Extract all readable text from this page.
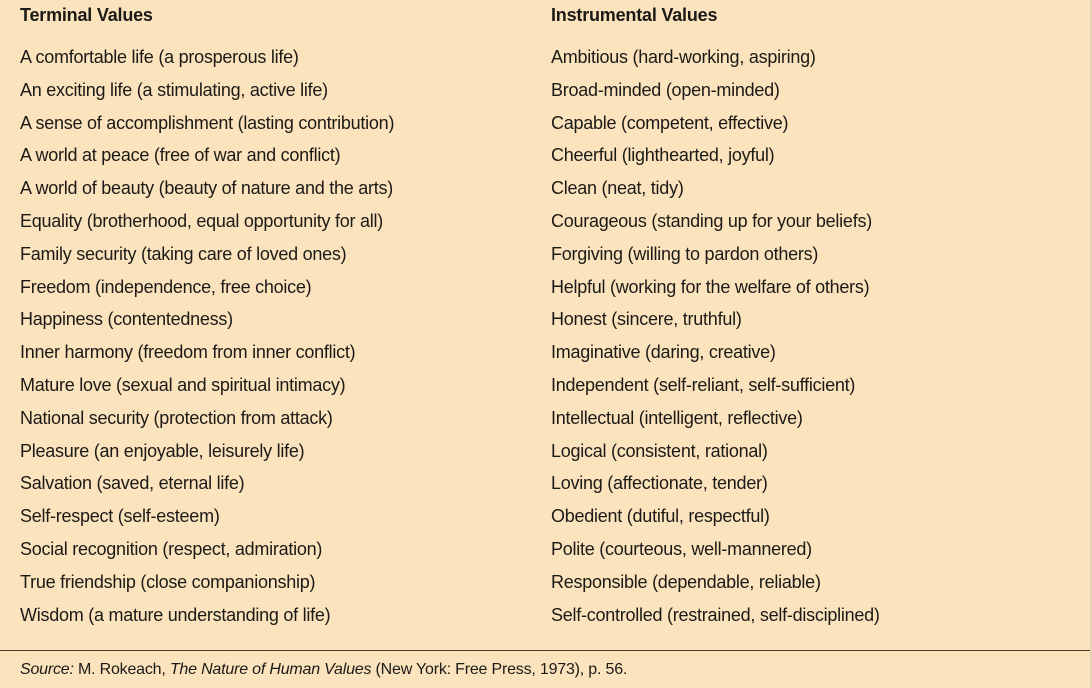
Terminal Values
A comfortable life (a prosperous life)
An exciting life (a stimulating, active life)
A sense of accomplishment (lasting contribution)
A world at peace (free of war and conflict)
A world of beauty (beauty of nature and the arts)
Equality (brotherhood, equal opportunity for all)
Family security (taking care of loved ones)
Freedom (independence, free choice)
Happiness (contentedness)
Inner harmony (freedom from inner conflict)
Mature love (sexual and spiritual intimacy)
National security (protection from attack)
Pleasure (an enjoyable, leisurely life)
Salvation (saved, eternal life)
Self-respect (self-esteem)
Social recognition (respect, admiration)
True friendship (close companionship)
Wisdom (a mature understanding of life)
Instrumental Values
Ambitious (hard-working, aspiring)
Broad-minded (open-minded)
Capable (competent, effective)
Cheerful (lighthearted, joyful)
Clean (neat, tidy)
Courageous (standing up for your beliefs)
Forgiving (willing to pardon others)
Helpful (working for the welfare of others)
Honest (sincere, truthful)
Imaginative (daring, creative)
Independent (self-reliant, self-sufficient)
Intellectual (intelligent, reflective)
Logical (consistent, rational)
Loving (affectionate, tender)
Obedient (dutiful, respectful)
Polite (courteous, well-mannered)
Responsible (dependable, reliable)
Self-controlled (restrained, self-disciplined)
Source: M. Rokeach, The Nature of Human Values (New York: Free Press, 1973), p. 56.
